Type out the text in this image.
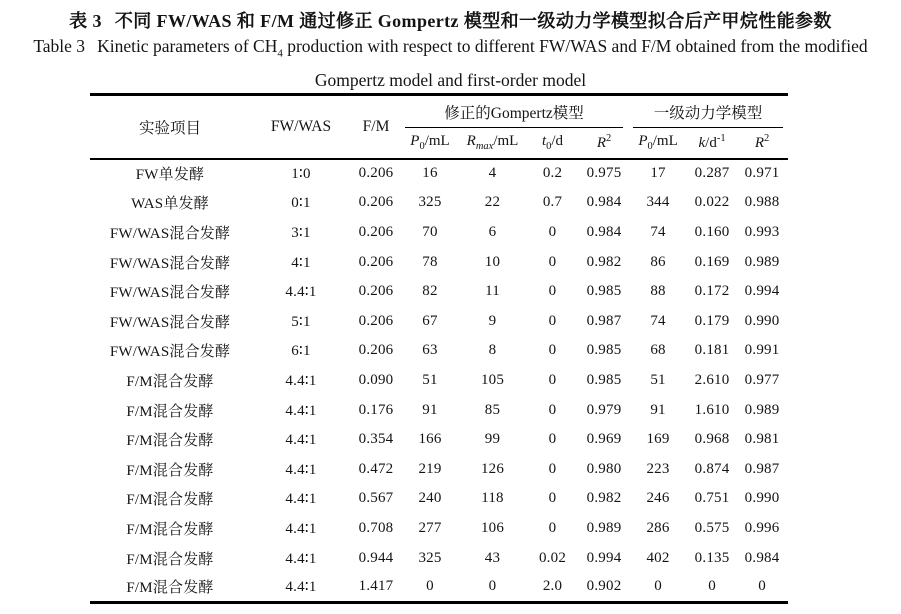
表 3 不同 FW/WAS 和 F/M 通过修正 Gompertz 模型和一级动力学模型拟合后产甲烷性能参数
Table 3 Kinetic parameters of $CH_4$ production with respect to different FW/WAS and F/M obtained from the modified
Gompertz model and first-order model
实验项目	FW/WAS	F/M	修正的Gompertz模型				一级动力学模型		

			$P_0/mL$	$R_{max}/mL$	$t_0/d$	$R^2$	$P_0/mL$	$k/d^{-1}$	$R^2$
FW单发酵	1∶0	0.206	16	4	0.2	0.975	17	0.287	0.971
WAS单发酵	0∶1	0.206	325	22	0.7	0.984	344	0.022	0.988
FW/WAS混合发酵	3∶1	0.206	70	6	0	0.984	74	0.160	0.993
FW/WAS混合发酵	4∶1	0.206	78	10	0	0.982	86	0.169	0.989
FW/WAS混合发酵	4.4∶1	0.206	82	11	0	0.985	88	0.172	0.994
FW/WAS混合发酵	5∶1	0.206	67	9	0	0.987	74	0.179	0.990
FW/WAS混合发酵	6∶1	0.206	63	8	0	0.985	68	0.181	0.991
F/M混合发酵	4.4∶1	0.090	51	105	0	0.985	51	2.610	0.977
F/M混合发酵	4.4∶1	0.176	91	85	0	0.979	91	1.610	0.989
F/M混合发酵	4.4∶1	0.354	166	99	0	0.969	169	0.968	0.981
F/M混合发酵	4.4∶1	0.472	219	126	0	0.980	223	0.874	0.987
F/M混合发酵	4.4∶1	0.567	240	118	0	0.982	246	0.751	0.990
F/M混合发酵	4.4∶1	0.708	277	106	0	0.989	286	0.575	0.996
F/M混合发酵	4.4∶1	0.944	325	43	0.02	0.994	402	0.135	0.984
F/M混合发酵	4.4∶1	1.417	0	0	2.0	0.902	0	0	0
